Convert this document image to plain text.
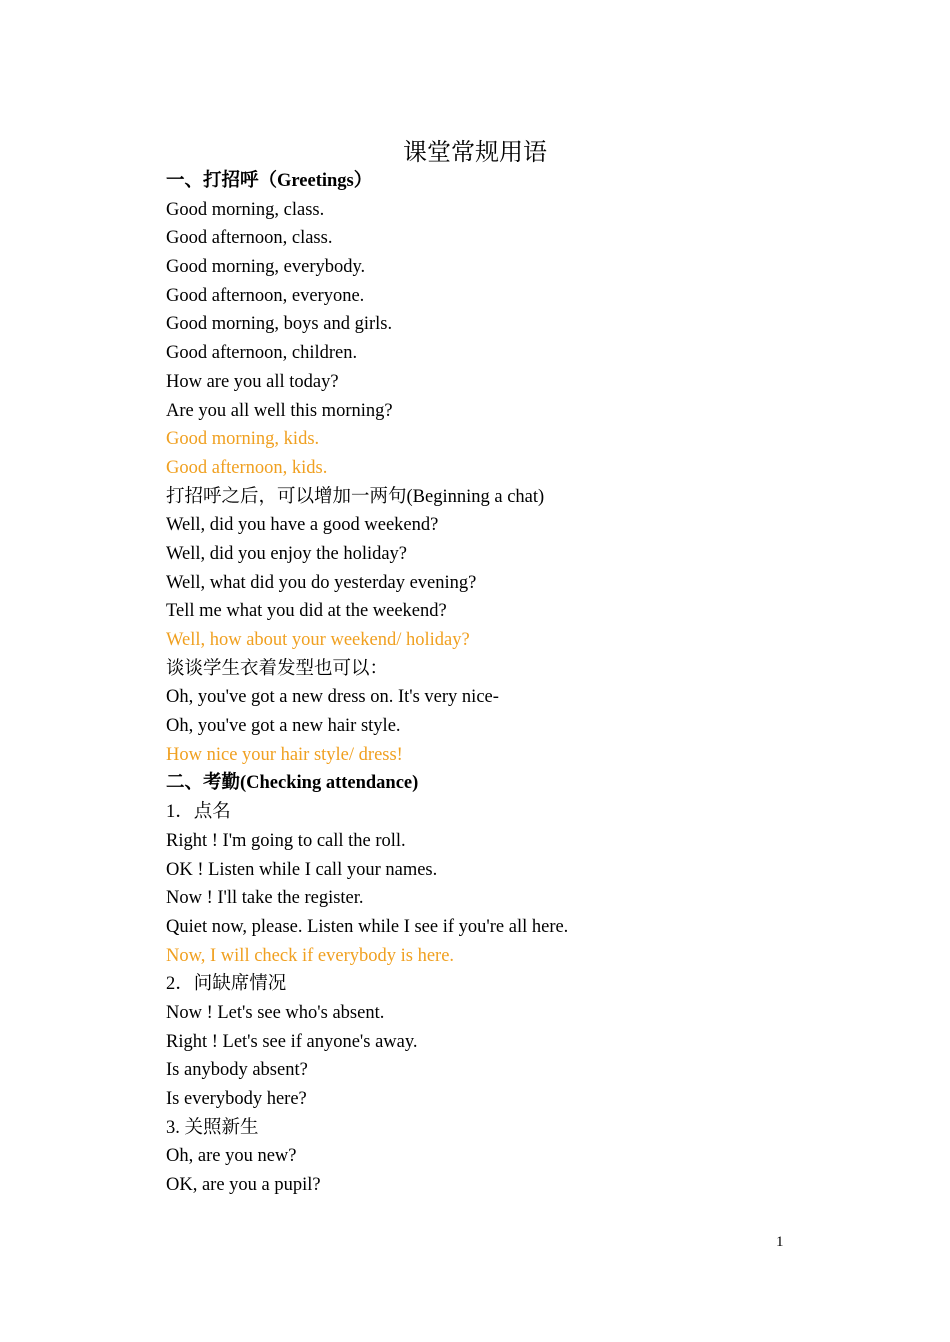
课堂常规用语
一、打招呼（Greetings）
Good morning, class.
Good afternoon, class.
Good morning, everybody.
Good afternoon, everyone.
Good morning, boys and girls.
Good afternoon, children.
How are you all today?
Are you all well this morning?
Good morning, kids.
Good afternoon, kids.
打招呼之后，可以增加一两句(Beginning a chat)
Well, did you have a good weekend?
Well, did you enjoy the holiday?
Well, what did you do yesterday evening?
Tell me what you did at the weekend?
Well, how about your weekend/ holiday?
谈谈学生衣着发型也可以：
Oh, you've got a new dress on. It's very nice-
Oh, you've got a new hair style.
How nice your hair style/ dress!
二、考勤(Checking attendance)
1．点名
Right ! I'm going to call the roll.
OK ! Listen while I call your names.
Now ! I'll take the register.
Quiet now, please. Listen while I see if you're all here.
Now, I will check if everybody is here.
2．问缺席情况
Now ! Let's see who's absent.
Right ! Let's see if anyone's away.
Is anybody absent?
Is everybody here?
3. 关照新生
Oh, are you new?
OK, are you a pupil?
1
